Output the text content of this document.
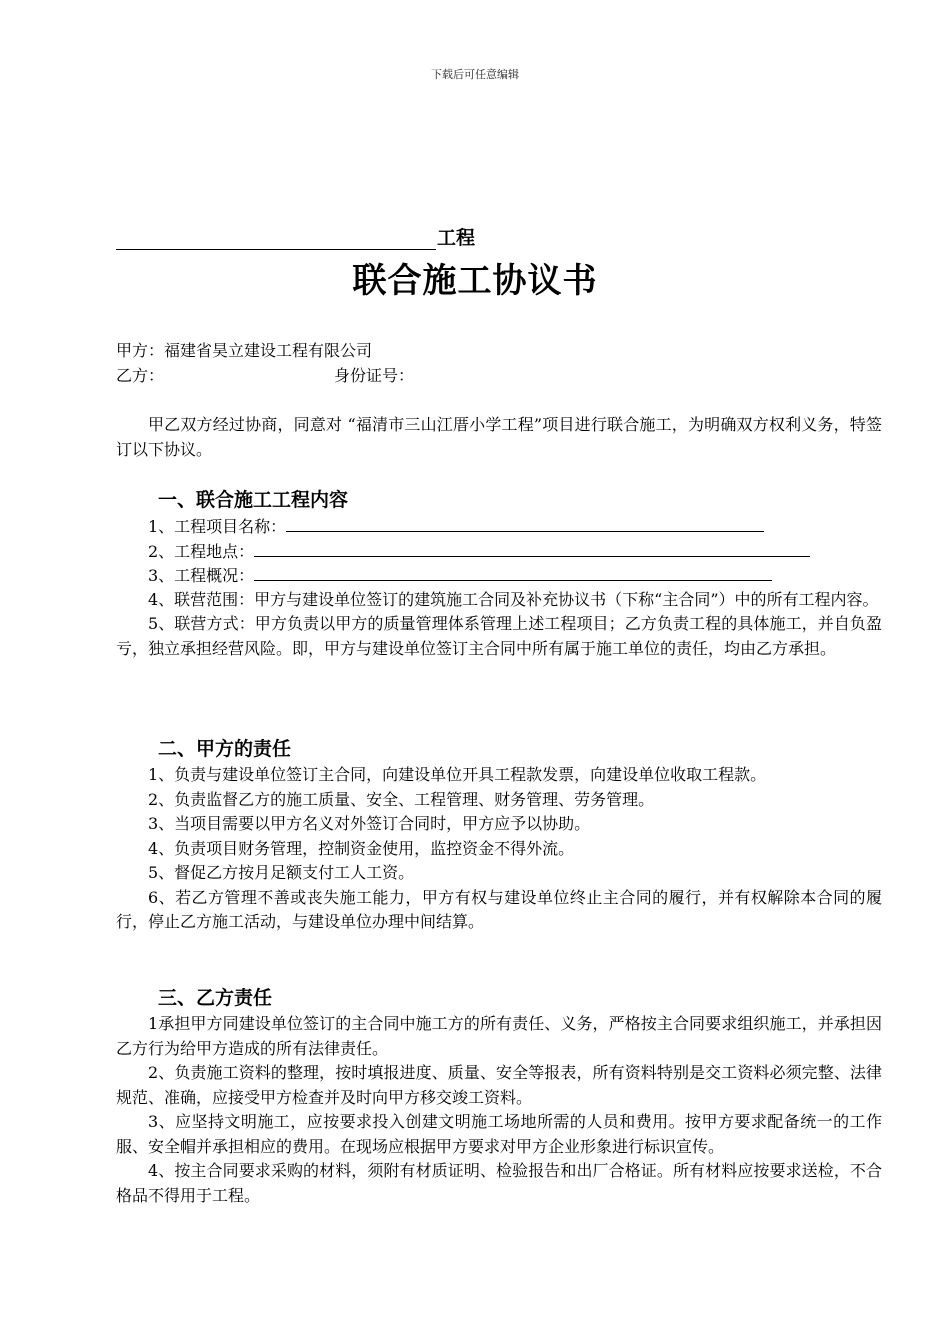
下载后可任意编辑
工程
联合施工协议书
甲方：福建省昊立建设工程有限公司
乙方：	身份证号：
甲乙双方经过协商，同意对 “福清市三山江厝小学工程”项目进行联合施工，为明确双方权利义务，特签订以下协议。
一、联合施工工程内容
1、工程项目名称：
2、工程地点：
3、工程概况：
4、联营范围：甲方与建设单位签订的建筑施工合同及补充协议书（下称“主合同”）中的所有工程内容。
5、联营方式：甲方负责以甲方的质量管理体系管理上述工程项目；乙方负责工程的具体施工，并自负盈亏，独立承担经营风险。即，甲方与建设单位签订主合同中所有属于施工单位的责任，均由乙方承担。
二、甲方的责任
1、负责与建设单位签订主合同，向建设单位开具工程款发票，向建设单位收取工程款。
2、负责监督乙方的施工质量、安全、工程管理、财务管理、劳务管理。
3、当项目需要以甲方名义对外签订合同时，甲方应予以协助。
4、负责项目财务管理，控制资金使用，监控资金不得外流。
5、督促乙方按月足额支付工人工资。
6、若乙方管理不善或丧失施工能力，甲方有权与建设单位终止主合同的履行，并有权解除本合同的履行，停止乙方施工活动，与建设单位办理中间结算。
三、乙方责任
1承担甲方同建设单位签订的主合同中施工方的所有责任、义务，严格按主合同要求组织施工，并承担因乙方行为给甲方造成的所有法律责任。
2、负责施工资料的整理，按时填报进度、质量、安全等报表，所有资料特别是交工资料必须完整、法律规范、准确，应接受甲方检查并及时向甲方移交竣工资料。
3、应坚持文明施工，应按要求投入创建文明施工场地所需的人员和费用。按甲方要求配备统一的工作服、安全帽并承担相应的费用。在现场应根据甲方要求对甲方企业形象进行标识宣传。
4、按主合同要求采购的材料，须附有材质证明、检验报告和出厂合格证。所有材料应按要求送检，不合格品不得用于工程。
